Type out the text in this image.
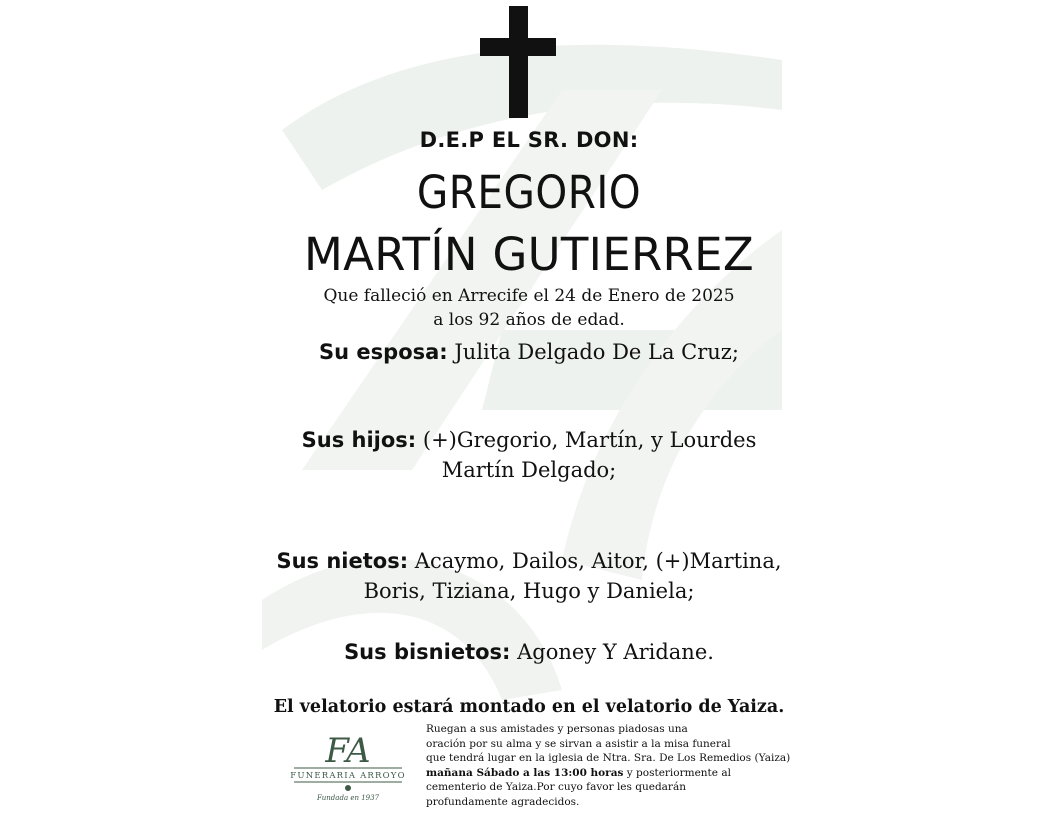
D.E.P EL SR. DON:
GREGORIO
MARTÍN GUTIERREZ
Que falleció en Arrecife el 24 de Enero de 2025
a los 92 años de edad.
Su esposa: Julita Delgado De La Cruz;
Sus hijos: (+)Gregorio, Martín, y Lourdes
Martín Delgado;
Sus nietos: Acaymo, Dailos, Aitor, (+)Martina,
Boris, Tiziana, Hugo y Daniela;
Sus bisnietos: Agoney Y Aridane.
El velatorio estará montado en el velatorio de Yaiza.
FA
FUNERARIA ARROYO
Fundada en 1937
Ruegan a sus amistades y personas piadosas una
oración por su alma y se sirvan a asistir a la misa funeral
que tendrá lugar en la iglesia de Ntra. Sra. De Los Remedios (Yaiza)
mañana Sábado a las 13:00 horas y posteriormente al
cementerio de Yaiza.Por cuyo favor les quedarán
profundamente agradecidos.
